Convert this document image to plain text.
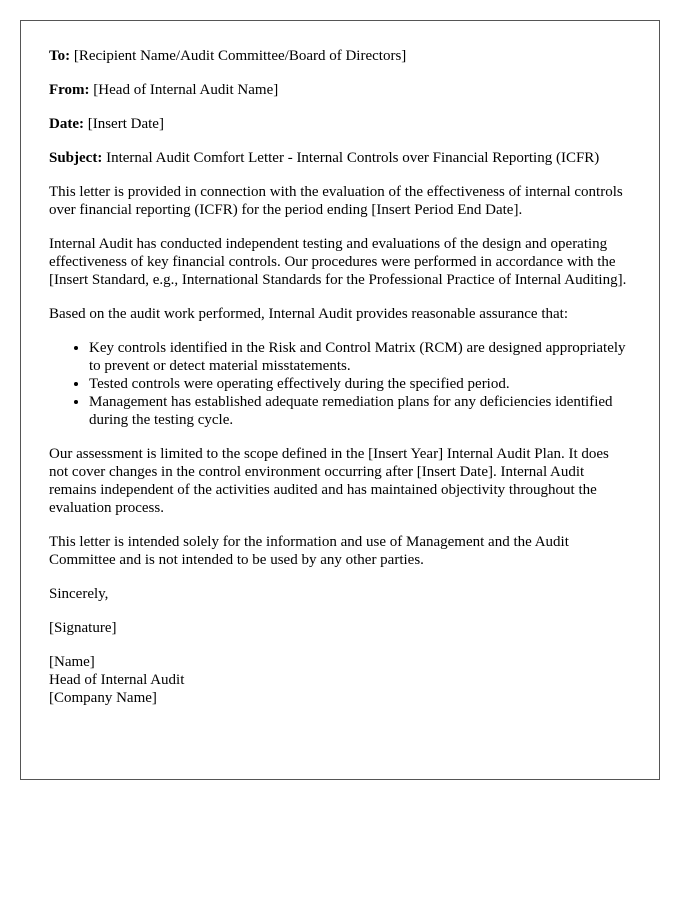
To: [Recipient Name/Audit Committee/Board of Directors]

From: [Head of Internal Audit Name]

Date: [Insert Date]

Subject: Internal Audit Comfort Letter - Internal Controls over Financial Reporting (ICFR)

This letter is provided in connection with the evaluation of the effectiveness of internal controls over financial reporting (ICFR) for the period ending [Insert Period End Date].

Internal Audit has conducted independent testing and evaluations of the design and operating effectiveness of key financial controls. Our procedures were performed in accordance with the [Insert Standard, e.g., International Standards for the Professional Practice of Internal Auditing].

Based on the audit work performed, Internal Audit provides reasonable assurance that:

• Key controls identified in the Risk and Control Matrix (RCM) are designed appropriately to prevent or detect material misstatements.
• Tested controls were operating effectively during the specified period.
• Management has established adequate remediation plans for any deficiencies identified during the testing cycle.

Our assessment is limited to the scope defined in the [Insert Year] Internal Audit Plan. It does not cover changes in the control environment occurring after [Insert Date]. Internal Audit remains independent of the activities audited and has maintained objectivity throughout the evaluation process.

This letter is intended solely for the information and use of Management and the Audit Committee and is not intended to be used by any other parties.

Sincerely,

[Signature]

[Name]
Head of Internal Audit
[Company Name]
